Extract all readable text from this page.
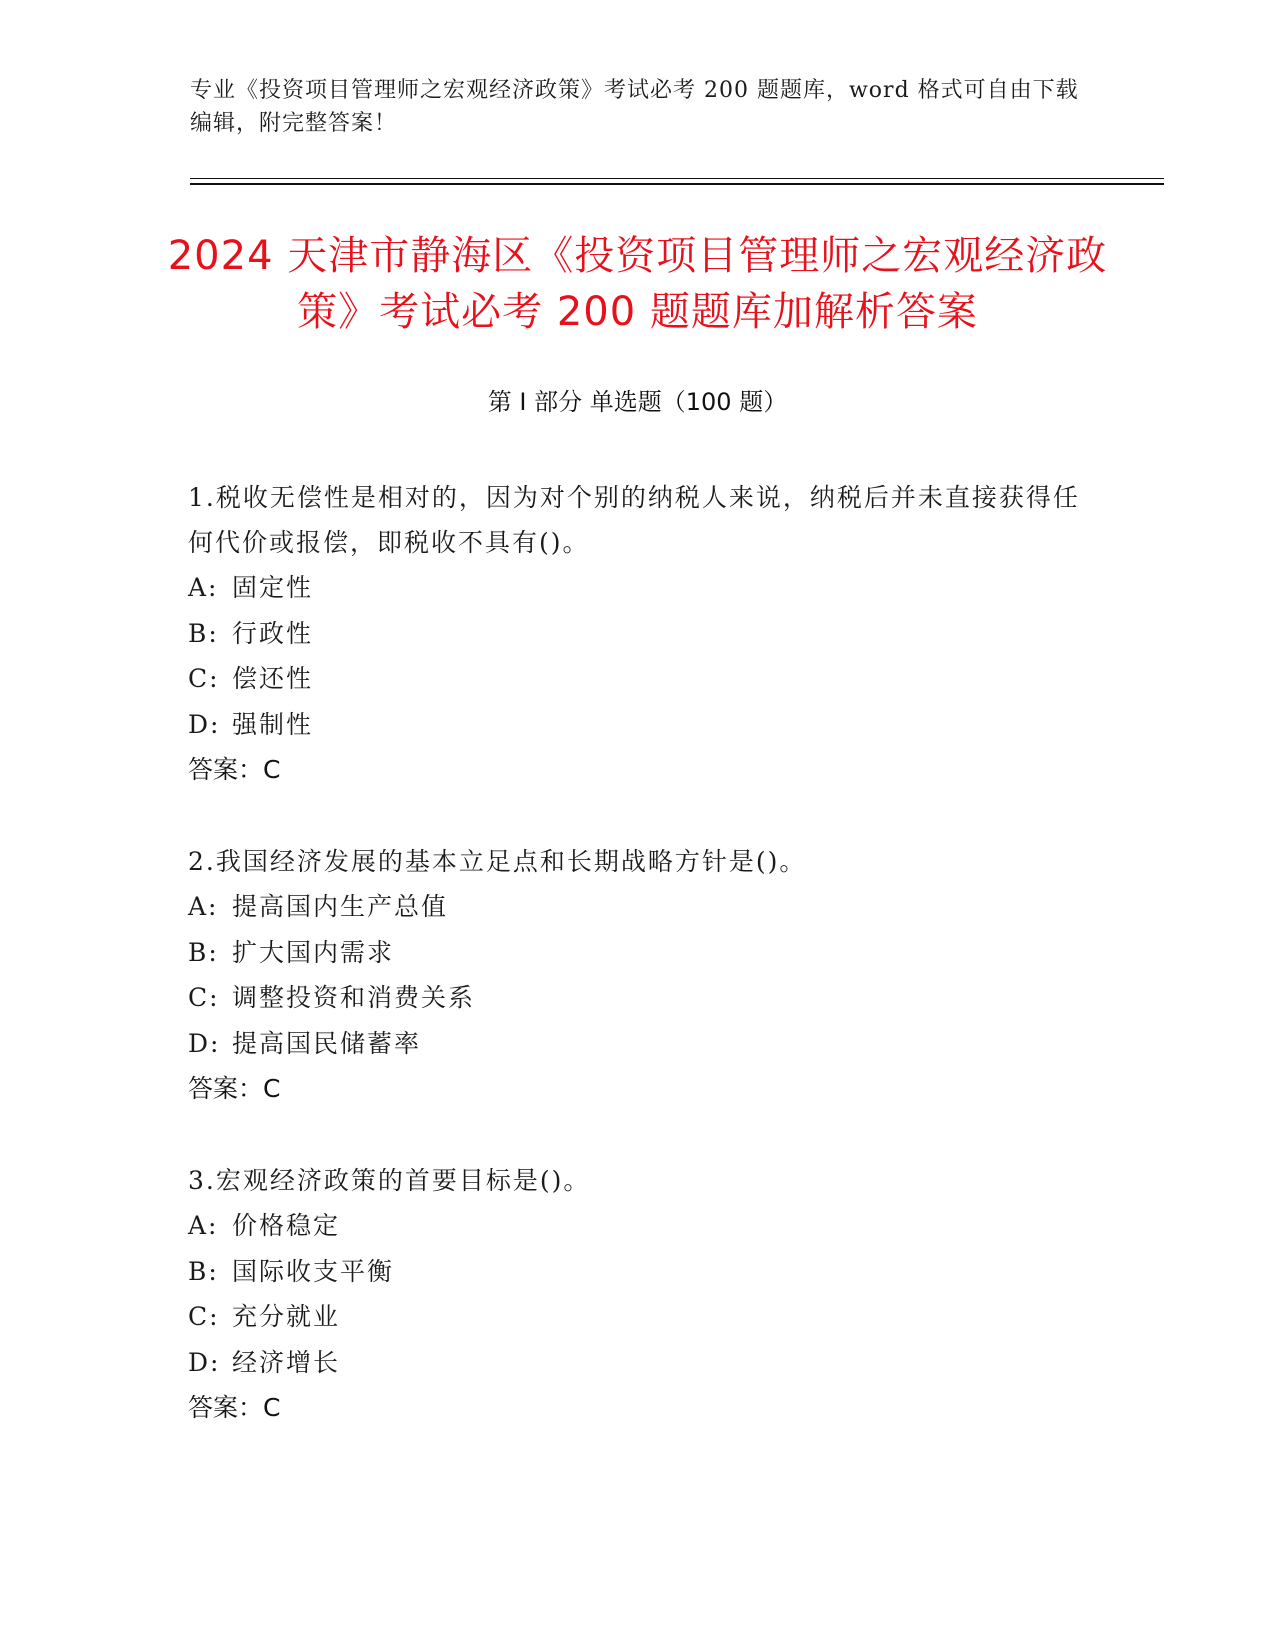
专业《投资项目管理师之宏观经济政策》考试必考 200 题题库，word 格式可自由下载编辑，附完整答案！
2024 天津市静海区《投资项目管理师之宏观经济政策》考试必考 200 题题库加解析答案
第 I 部分 单选题（100 题）
1.税收无偿性是相对的，因为对个别的纳税人来说，纳税后并未直接获得任何代价或报偿，即税收不具有()。
A: 固定性
B: 行政性
C: 偿还性
D: 强制性
答案：C
2.我国经济发展的基本立足点和长期战略方针是()。
A: 提高国内生产总值
B: 扩大国内需求
C: 调整投资和消费关系
D: 提高国民储蓄率
答案：C
3.宏观经济政策的首要目标是()。
A: 价格稳定
B: 国际收支平衡
C: 充分就业
D: 经济增长
答案：C
